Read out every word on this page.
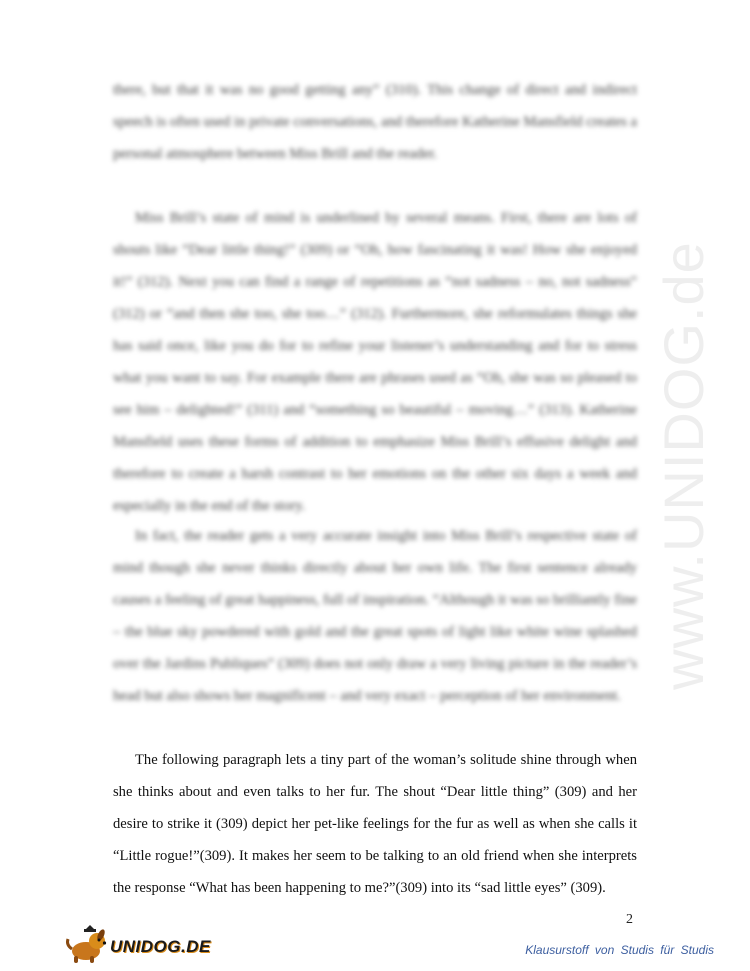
www.UNIDOG.de

there, but that it was no good getting any” (310). This change of direct and indirect speech is often used in private conversations, and therefore Katherine Mansfield creates a personal atmosphere between Miss Brill and the reader.

Miss Brill’s state of mind is underlined by several means. First, there are lots of shouts like “Dear little thing!” (309) or “Oh, how fascinating it was! How she enjoyed it!” (312). Next you can find a range of repetitions as “not sadness – no, not sadness” (312) or “and then she too, she too…” (312). Furthermore, she reformulates things she has said once, like you do for to refine your listener’s understanding and for to stress what you want to say. For example there are phrases used as “Oh, she was so pleased to see him – delighted!” (311) and “something so beautiful – moving…” (313). Katherine Mansfield uses these forms of addition to emphasize Miss Brill’s effusive delight and therefore to create a harsh contrast to her emotions on the other six days a week and especially in the end of the story.

In fact, the reader gets a very accurate insight into Miss Brill’s respective state of mind though she never thinks directly about her own life. The first sentence already causes a feeling of great happiness, full of inspiration. “Although it was so brilliantly fine – the blue sky powdered with gold and the great spots of light like white wine splashed over the Jardins Publiques” (309) does not only draw a very living picture in the reader’s head but also shows her magnificent – and very exact – perception of her environment.

The following paragraph lets a tiny part of the woman’s solitude shine through when she thinks about and even talks to her fur. The shout “Dear little thing” (309) and her desire to strike it (309) depict her pet-like feelings for the fur as well as when she calls it “Little rogue!”(309). It makes her seem to be talking to an old friend when she interprets the response “What has been happening to me?”(309) into its “sad little eyes” (309).

2
UNIDOG.DE	Klausurstoff von Studis für Studis
